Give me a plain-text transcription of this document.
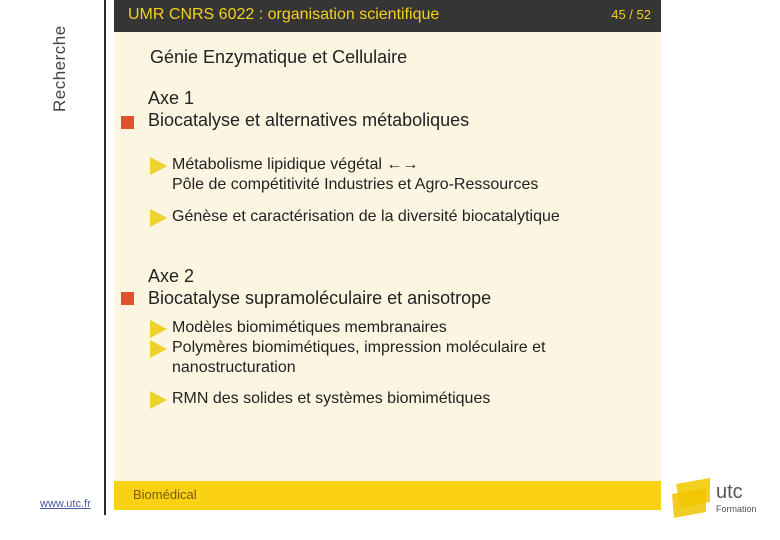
Recherche
www.utc.fr
UMR CNRS 6022 : organisation scientifique	45 / 52
Génie Enzymatique et Cellulaire
Axe 1
Biocatalyse et alternatives métaboliques
Métabolisme lipidique végétal ←→
Pôle de compétitivité Industries et Agro-Ressources
Génèse et caractérisation de la diversité biocatalytique
Axe 2
Biocatalyse supramoléculaire et anisotrope
Modèles biomimétiques membranaires
Polymères biomimétiques, impression moléculaire et
nanostructuration
RMN des solides et systèmes biomimétiques
Biomédical	utc
Formation
